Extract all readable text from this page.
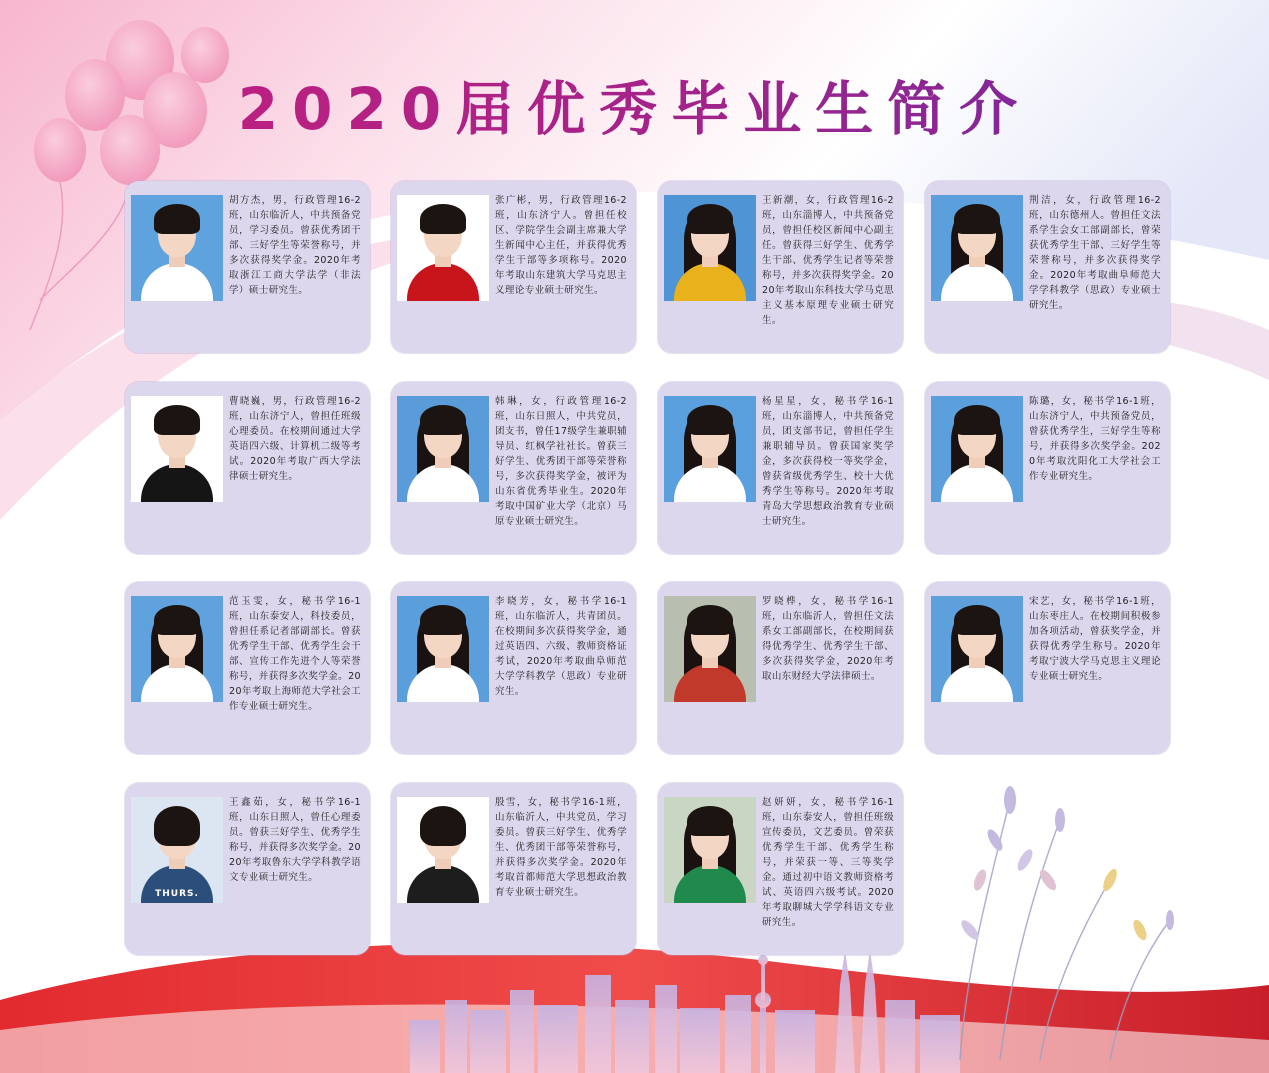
2020届优秀毕业生简介
胡方杰，男，行政管理16-2班，山东临沂人，中共预备党员，学习委员。曾获优秀团干部、三好学生等荣誉称号，并多次获得奖学金。2020年考取浙江工商大学法学（非法学）硕士研究生。
张广彬，男，行政管理16-2班，山东济宁人。曾担任校区、学院学生会副主席兼大学生新闻中心主任，并获得优秀学生干部等多项称号。2020年考取山东建筑大学马克思主义理论专业硕士研究生。
王新潮，女，行政管理16-2班，山东淄博人，中共预备党员，曾担任校区新闻中心副主任。曾获得三好学生、优秀学生干部、优秀学生记者等荣誉称号，并多次获得奖学金。2020年考取山东科技大学马克思主义基本原理专业硕士研究生。
荆洁，女，行政管理16-2班，山东德州人。曾担任文法系学生会女工部副部长，曾荣获优秀学生干部、三好学生等荣誉称号，并多次获得奖学金。2020年考取曲阜师范大学学科教学（思政）专业硕士研究生。
曹晓巍，男，行政管理16-2班，山东济宁人，曾担任班级心理委员。在校期间通过大学英语四六级、计算机二级等考试。2020年考取广西大学法律硕士研究生。
韩琳，女，行政管理16-2班，山东日照人，中共党员，团支书，曾任17级学生兼职辅导员、红枫学社社长。曾获三好学生、优秀团干部等荣誉称号，多次获得奖学金，被评为山东省优秀毕业生。2020年考取中国矿业大学（北京）马原专业硕士研究生。
杨星星，女，秘书学16-1班，山东淄博人，中共预备党员，团支部书记，曾担任学生兼职辅导员。曾获国家奖学金，多次获得校一等奖学金，曾获省级优秀学生、校十大优秀学生等称号。2020年考取青岛大学思想政治教育专业硕士研究生。
陈璐，女，秘书学16-1班，山东济宁人，中共预备党员，曾获优秀学生，三好学生等称号，并获得多次奖学金。2020年考取沈阳化工大学社会工作专业研究生。
范玉雯，女，秘书学16-1班，山东泰安人，科技委员，曾担任系记者部副部长。曾获优秀学生干部、优秀学生会干部、宣传工作先进个人等荣誉称号，并获得多次奖学金。2020年考取上海师范大学社会工作专业硕士研究生。
李晓芳，女，秘书学16-1班，山东临沂人，共青团员。在校期间多次获得奖学金，通过英语四、六级、教师资格证考试，2020年考取曲阜师范大学学科教学（思政）专业研究生。
罗晓桦，女，秘书学16-1班，山东临沂人，曾担任文法系女工部副部长，在校期间获得优秀学生、优秀学生干部、多次获得奖学金，2020年考取山东财经大学法律硕士。
宋艺，女，秘书学16-1班，山东枣庄人。在校期间积极参加各项活动，曾获奖学金，并获得优秀学生称号。2020年考取宁波大学马克思主义理论专业硕士研究生。
THURS.
王鑫茹，女，秘书学16-1班，山东日照人，曾任心理委员。曾获三好学生、优秀学生称号，并获得多次奖学金。2020年考取鲁东大学学科教学语文专业硕士研究生。
殷雪，女，秘书学16-1班，山东临沂人，中共党员，学习委员。曾获三好学生、优秀学生、优秀团干部等荣誉称号，并获得多次奖学金。2020年考取首都师范大学思想政治教育专业硕士研究生。
赵妍妍，女，秘书学16-1班，山东泰安人，曾担任班级宣传委员，文艺委员。曾荣获优秀学生干部、优秀学生称号，并荣获一等、三等奖学金。通过初中语文教师资格考试、英语四六级考试。2020年考取聊城大学学科语文专业研究生。
